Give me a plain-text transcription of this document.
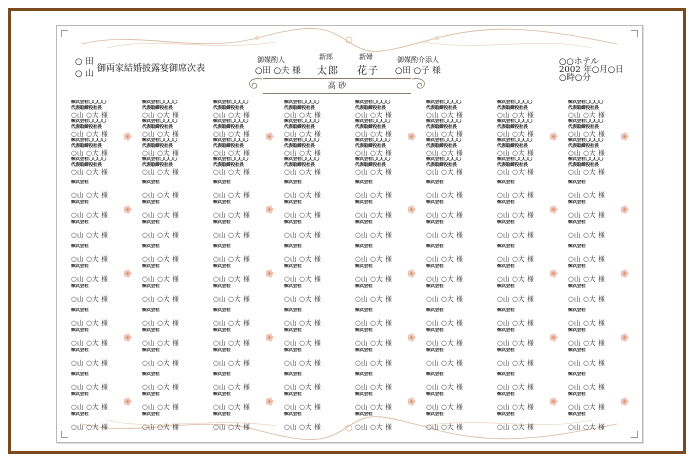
○ 田
○ 山 御両家結婚披露宴御席次表
御媒酌人
○田 ○夫 様
新郎
太郎
新婦
花子
御媒酌介添人
○田 ○子 様
○○ホテル
2002 年○月○日
○時○分
高 砂
株式会社〇〇〇〇
代表取締役社長
○山 ○大 様
株式会社〇〇〇〇
代表取締役社長
○山 ○大 様
株式会社〇〇〇〇
代表取締役社長
○山 ○大 様
株式会社〇〇〇〇
代表取締役社長
○山 ○大 様
株式会社〇〇〇〇
代表取締役社長
○山 ○大 様
株式会社〇〇〇〇
代表取締役社長
○山 ○大 様
株式会社〇〇〇〇
代表取締役社長
○山 ○大 様
株式会社〇〇〇〇
代表取締役社長
○山 ○大 様
株式会社〇〇〇〇
代表取締役社長
○山 ○大 様
株式会社〇〇〇〇
代表取締役社長
○山 ○大 様
株式会社〇〇〇〇
代表取締役社長
○山 ○大 様
株式会社〇〇〇〇
代表取締役社長
○山 ○大 様
株式会社〇〇〇〇
代表取締役社長
○山 ○大 様
株式会社〇〇〇〇
代表取締役社長
○山 ○大 様
株式会社〇〇〇〇
代表取締役社長
○山 ○大 様
株式会社〇〇〇〇
代表取締役社長
○山 ○大 様
株式会社〇〇〇〇
代表取締役社長
○山 ○大 様
株式会社〇〇〇〇
代表取締役社長
○山 ○大 様
株式会社〇〇〇〇
代表取締役社長
○山 ○大 様
株式会社〇〇〇〇
代表取締役社長
○山 ○大 様
株式会社〇〇〇〇
代表取締役社長
○山 ○大 様
株式会社〇〇〇〇
代表取締役社長
○山 ○大 様
株式会社〇〇〇〇
代表取締役社長
○山 ○大 様
株式会社〇〇〇〇
代表取締役社長
○山 ○大 様
株式会社〇〇〇〇
代表取締役社長
○山 ○大 様
株式会社〇〇〇〇
代表取締役社長
○山 ○大 様
株式会社〇〇〇〇
代表取締役社長
○山 ○大 様
株式会社〇〇〇〇
代表取締役社長
○山 ○大 様
株式会社〇〇〇〇
代表取締役社長
○山 ○大 様
株式会社〇〇〇〇
代表取締役社長
○山 ○大 様
株式会社〇〇〇〇
代表取締役社長
○山 ○大 様
株式会社〇〇〇〇
代表取締役社長
○山 ○大 様
株式会社
○山 ○大 様
株式会社
○山 ○大 様
株式会社
○山 ○大 様
株式会社
○山 ○大 様
株式会社
○山 ○大 様
株式会社
○山 ○大 様
株式会社
○山 ○大 様
株式会社
○山 ○大 様
株式会社
○山 ○大 様
株式会社
○山 ○大 様
株式会社
○山 ○大 様
株式会社
○山 ○大 様
株式会社
○山 ○大 様
株式会社
○山 ○大 様
株式会社
○山 ○大 様
株式会社
○山 ○大 様
株式会社
○山 ○大 様
株式会社
○山 ○大 様
株式会社
○山 ○大 様
株式会社
○山 ○大 様
株式会社
○山 ○大 様
株式会社
○山 ○大 様
株式会社
○山 ○大 様
株式会社
○山 ○大 様
株式会社
○山 ○大 様
株式会社
○山 ○大 様
株式会社
○山 ○大 様
株式会社
○山 ○大 様
株式会社
○山 ○大 様
株式会社
○山 ○大 様
株式会社
○山 ○大 様
株式会社
○山 ○大 様
株式会社
○山 ○大 様
株式会社
○山 ○大 様
株式会社
○山 ○大 様
株式会社
○山 ○大 様
株式会社
○山 ○大 様
株式会社
○山 ○大 様
株式会社
○山 ○大 様
株式会社
○山 ○大 様
株式会社
○山 ○大 様
株式会社
○山 ○大 様
株式会社
○山 ○大 様
株式会社
○山 ○大 様
株式会社
○山 ○大 様
株式会社
○山 ○大 様
株式会社
○山 ○大 様
株式会社
○山 ○大 様
株式会社
○山 ○大 様
株式会社
○山 ○大 様
株式会社
○山 ○大 様
株式会社
○山 ○大 様
株式会社
○山 ○大 様
株式会社
○山 ○大 様
株式会社
○山 ○大 様
株式会社
○山 ○大 様
株式会社
○山 ○大 様
株式会社
○山 ○大 様
株式会社
○山 ○大 様
株式会社
○山 ○大 様
株式会社
○山 ○大 様
株式会社
○山 ○大 様
株式会社
○山 ○大 様
株式会社
○山 ○大 様
株式会社
○山 ○大 様
株式会社
○山 ○大 様
株式会社
○山 ○大 様
株式会社
○山 ○大 様
株式会社
○山 ○大 様
株式会社
○山 ○大 様
株式会社
○山 ○大 様
株式会社
○山 ○大 様
株式会社
○山 ○大 様
株式会社
○山 ○大 様
株式会社
○山 ○大 様
株式会社
○山 ○大 様
株式会社
○山 ○大 様
株式会社
○山 ○大 様
株式会社
○山 ○大 様
株式会社
○山 ○大 様
株式会社
○山 ○大 様
株式会社
○山 ○大 様
株式会社
○山 ○大 様
株式会社
○山 ○大 様
株式会社
○山 ○大 様
株式会社
○山 ○大 様
株式会社
○山 ○大 様
株式会社
○山 ○大 様
株式会社
○山 ○大 様
株式会社
○山 ○大 様
株式会社
○山 ○大 様
株式会社
○山 ○大 様
株式会社
○山 ○大 様
株式会社
○山 ○大 様
株式会社
○山 ○大 様
株式会社
○山 ○大 様
